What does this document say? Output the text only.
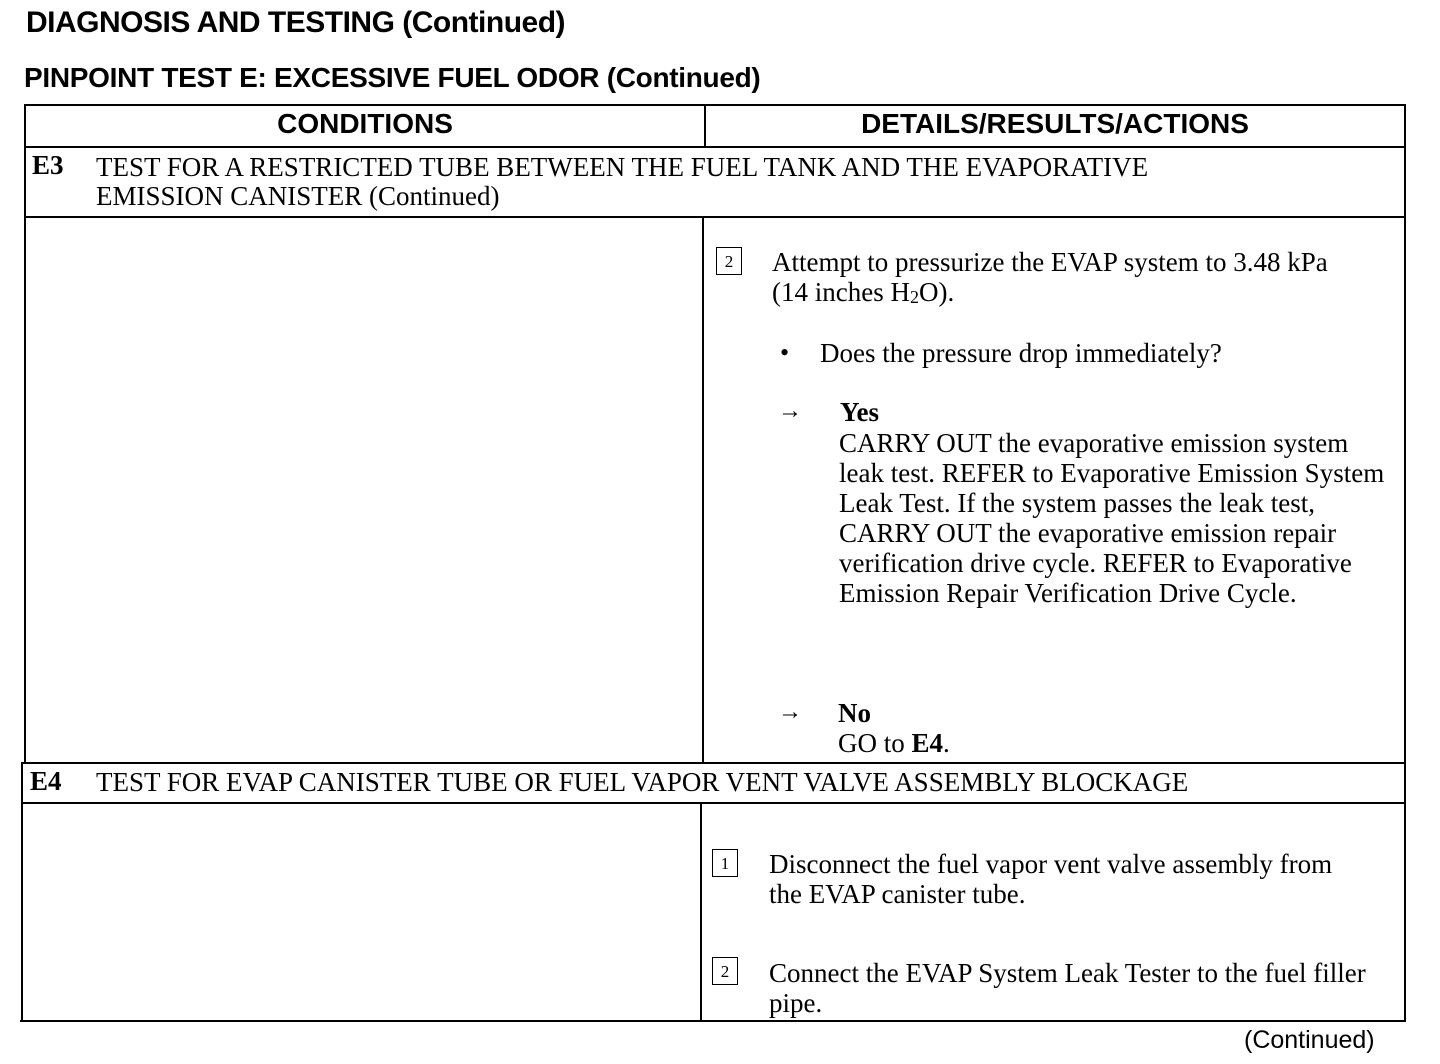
DIAGNOSIS AND TESTING (Continued)
PINPOINT TEST E: EXCESSIVE FUEL ODOR (Continued)
CONDITIONS	DETAILS/RESULTS/ACTIONS
E3 TEST FOR A RESTRICTED TUBE BETWEEN THE FUEL TANK AND THE EVAPORATIVE
EMISSION CANISTER (Continued)
2	Attempt to pressurize the EVAP system to 3.48 kPa
(14 inches $H_2O$).
• Does the pressure drop immediately?
→ Yes
CARRY OUT the evaporative emission system leak test. REFER to Evaporative Emission System Leak Test. If the system passes the leak test, CARRY OUT the evaporative emission repair verification drive cycle. REFER to Evaporative Emission Repair Verification Drive Cycle.
→ No
GO to E4.
E4 TEST FOR EVAP CANISTER TUBE OR FUEL VAPOR VENT VALVE ASSEMBLY BLOCKAGE
1	Disconnect the fuel vapor vent valve assembly from the EVAP canister tube.
2	Connect the EVAP System Leak Tester to the fuel filler pipe.
(Continued)
